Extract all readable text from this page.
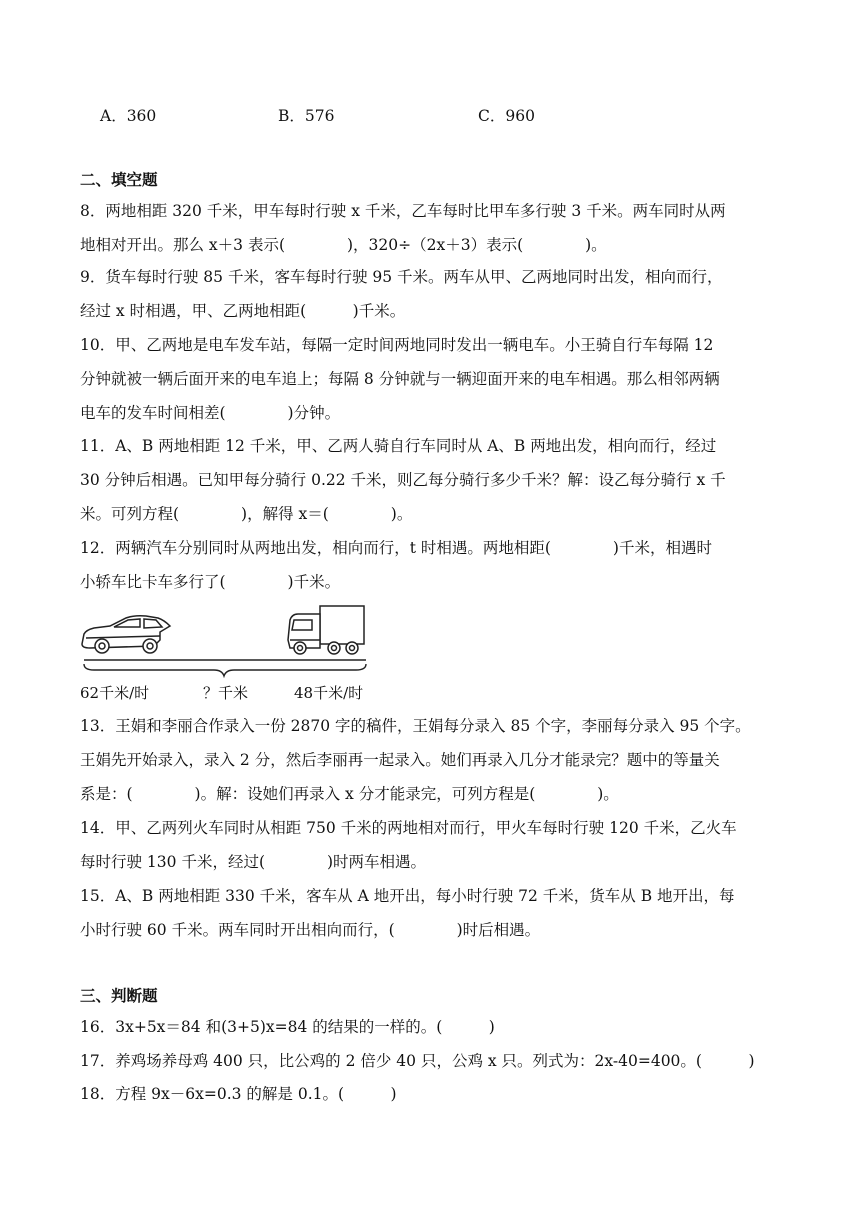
A．360	B．576	C．960
二、填空题
8．两地相距 320 千米，甲车每时行驶 x 千米，乙车每时比甲车多行驶 3 千米。两车同时从两
地相对开出。那么 x＋3 表示(　　　　)，320÷（2x＋3）表示(　　　　)。
9．货车每时行驶 85 千米，客车每时行驶 95 千米。两车从甲、乙两地同时出发，相向而行，
经过 x 时相遇，甲、乙两地相距(　　　)千米。
10．甲、乙两地是电车发车站，每隔一定时间两地同时发出一辆电车。小王骑自行车每隔 12
分钟就被一辆后面开来的电车追上；每隔 8 分钟就与一辆迎面开来的电车相遇。那么相邻两辆
电车的发车时间相差(　　　　)分钟。
11．A、B 两地相距 12 千米，甲、乙两人骑自行车同时从 A、B 两地出发，相向而行，经过
30 分钟后相遇。已知甲每分骑行 0.22 千米，则乙每分骑行多少千米？解：设乙每分骑行 x 千
米。可列方程(　　　　)，解得 x＝(　　　　)。
12．两辆汽车分别同时从两地出发，相向而行，t 时相遇。两地相距(　　　　)千米，相遇时
小轿车比卡车多行了(　　　　)千米。
62千米/时	？千米	48千米/时
13．王娟和李丽合作录入一份 2870 字的稿件，王娟每分录入 85 个字，李丽每分录入 95 个字。
王娟先开始录入，录入 2 分，然后李丽再一起录入。她们再录入几分才能录完？题中的等量关
系是：(　　　　)。解：设她们再录入 x 分才能录完，可列方程是(　　　　)。
14．甲、乙两列火车同时从相距 750 千米的两地相对而行，甲火车每时行驶 120 千米，乙火车
每时行驶 130 千米，经过(　　　　)时两车相遇。
15．A、B 两地相距 330 千米，客车从 A 地开出，每小时行驶 72 千米，货车从 B 地开出，每
小时行驶 60 千米。两车同时开出相向而行，(　　　　)时后相遇。
三、判断题
16．3x+5x＝84 和(3+5)x=84 的结果的一样的。(　　　)
17．养鸡场养母鸡 400 只，比公鸡的 2 倍少 40 只，公鸡 x 只。列式为：2x-40=400。(　　　)
18．方程 9x－6x=0.3 的解是 0.1。(　　　)
